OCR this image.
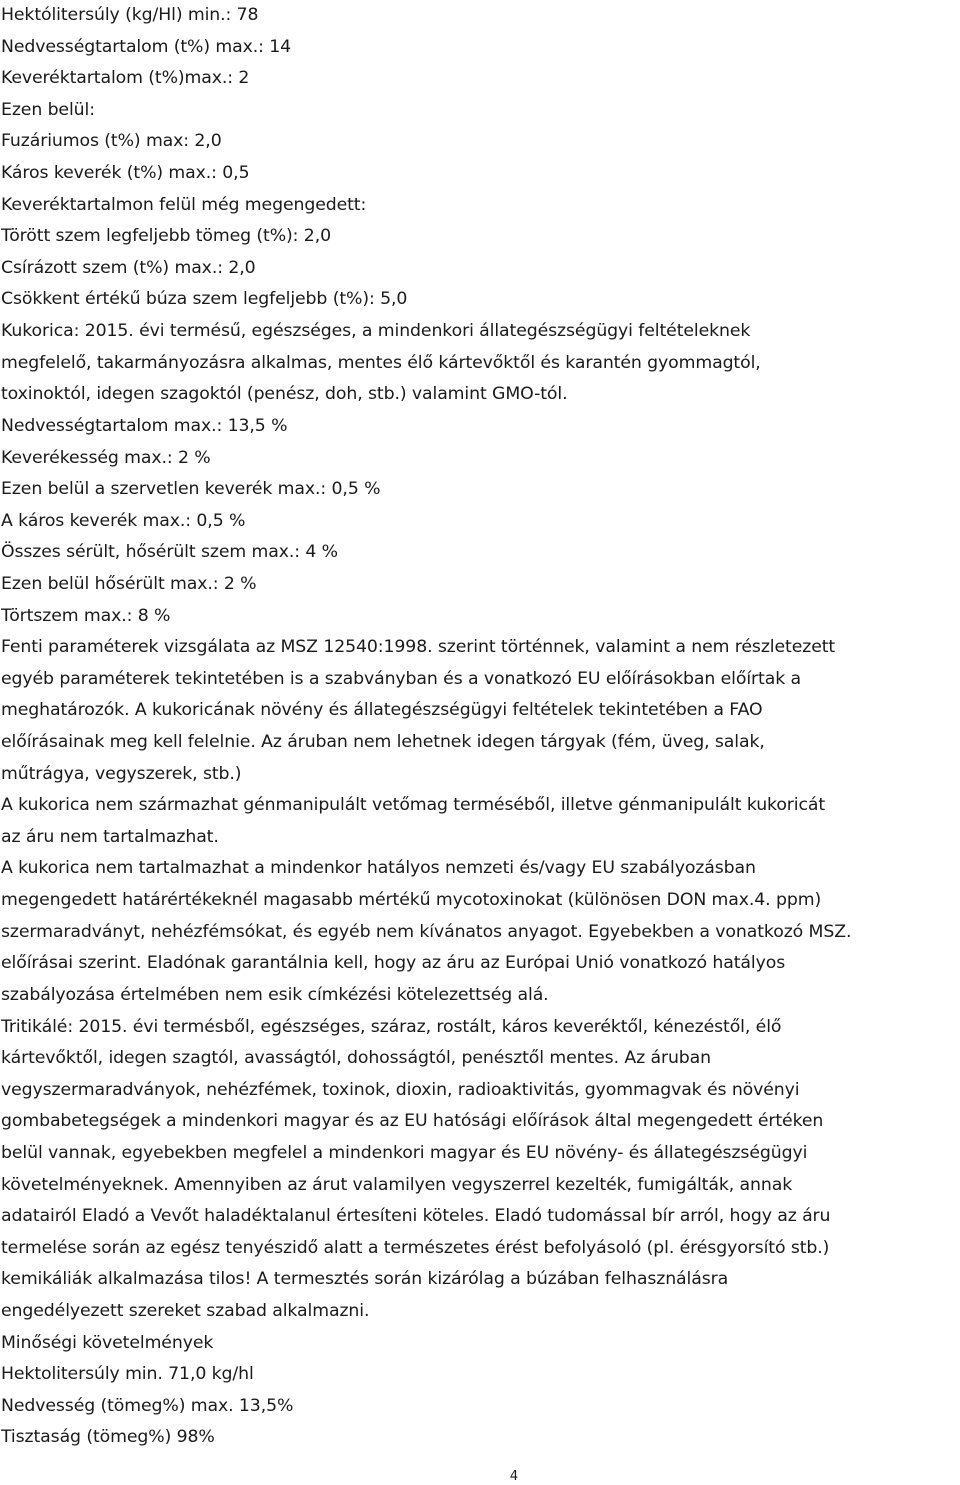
Hektólitersúly (kg/Hl) min.: 78
Nedvességtartalom (t%) max.: 14
Keveréktartalom (t%)max.: 2
Ezen belül:
Fuzáriumos (t%) max: 2,0
Káros keverék (t%) max.: 0,5
Keveréktartalmon felül még megengedett:
Törött szem legfeljebb tömeg (t%): 2,0
Csírázott szem (t%) max.: 2,0
Csökkent értékű búza szem legfeljebb (t%): 5,0
Kukorica: 2015. évi termésű, egészséges, a mindenkori állategészségügyi feltételeknek
megfelelő, takarmányozásra alkalmas, mentes élő kártevőktől és karantén gyommagtól,
toxinoktól, idegen szagoktól (penész, doh, stb.) valamint GMO-tól.
Nedvességtartalom max.: 13,5 %
Keverékesség max.: 2 %
Ezen belül a szervetlen keverék max.: 0,5 %
A káros keverék max.: 0,5 %
Összes sérült, hősérült szem max.: 4 %
Ezen belül hősérült max.: 2 %
Törtszem max.: 8 %
Fenti paraméterek vizsgálata az MSZ 12540:1998. szerint történnek, valamint a nem részletezett
egyéb paraméterek tekintetében is a szabványban és a vonatkozó EU előírásokban előírtak a
meghatározók. A kukoricának növény és állategészségügyi feltételek tekintetében a FAO
előírásainak meg kell felelnie. Az áruban nem lehetnek idegen tárgyak (fém, üveg, salak,
műtrágya, vegyszerek, stb.)
A kukorica nem származhat génmanipulált vetőmag terméséből, illetve génmanipulált kukoricát
az áru nem tartalmazhat.
A kukorica nem tartalmazhat a mindenkor hatályos nemzeti és/vagy EU szabályozásban
megengedett határértékeknél magasabb mértékű mycotoxinokat (különösen DON max.4. ppm)
szermaradványt, nehézfémsókat, és egyéb nem kívánatos anyagot. Egyebekben a vonatkozó MSZ.
előírásai szerint. Eladónak garantálnia kell, hogy az áru az Európai Unió vonatkozó hatályos
szabályozása értelmében nem esik címkézési kötelezettség alá.
Tritikálé: 2015. évi termésből, egészséges, száraz, rostált, káros keveréktől, kénezéstől, élő
kártevőktől, idegen szagtól, avasságtól, dohosságtól, penésztől mentes. Az áruban
vegyszermaradványok, nehézfémek, toxinok, dioxin, radioaktivitás, gyommagvak és növényi
gombabetegségek a mindenkori magyar és az EU hatósági előírások által megengedett értéken
belül vannak, egyebekben megfelel a mindenkori magyar és EU növény- és állategészségügyi
követelményeknek. Amennyiben az árut valamilyen vegyszerrel kezelték, fumigálták, annak
adatairól Eladó a Vevőt haladéktalanul értesíteni köteles. Eladó tudomással bír arról, hogy az áru
termelése során az egész tenyészidő alatt a természetes érést befolyásoló (pl. érésgyorsító stb.)
kemikáliák alkalmazása tilos! A termesztés során kizárólag a búzában felhasználásra
engedélyezett szereket szabad alkalmazni.
Minőségi követelmények
Hektolitersúly min. 71,0 kg/hl
Nedvesség (tömeg%) max. 13,5%
Tisztaság (tömeg%) 98%
4
